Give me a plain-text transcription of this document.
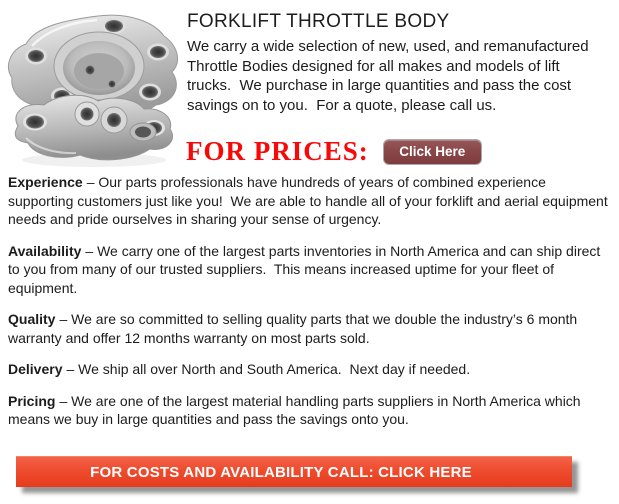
FORKLIFT THROTTLE BODY

We carry a wide selection of new, used, and remanufactured Throttle Bodies designed for all makes and models of lift trucks.  We purchase in large quantities and pass the cost savings on to you.  For a quote, please call us.

FOR PRICES:	Click Here

Experience – Our parts professionals have hundreds of years of combined experience supporting customers just like you!  We are able to handle all of your forklift and aerial equipment needs and pride ourselves in sharing your sense of urgency.

Availability – We carry one of the largest parts inventories in North America and can ship direct to you from many of our trusted suppliers.  This means increased uptime for your fleet of equipment.

Quality – We are so committed to selling quality parts that we double the industry’s 6 month warranty and offer 12 months warranty on most parts sold.

Delivery – We ship all over North and South America.  Next day if needed.

Pricing – We are one of the largest material handling parts suppliers in North America which means we buy in large quantities and pass the savings onto you.

FOR COSTS AND AVAILABILITY CALL: CLICK HERE
